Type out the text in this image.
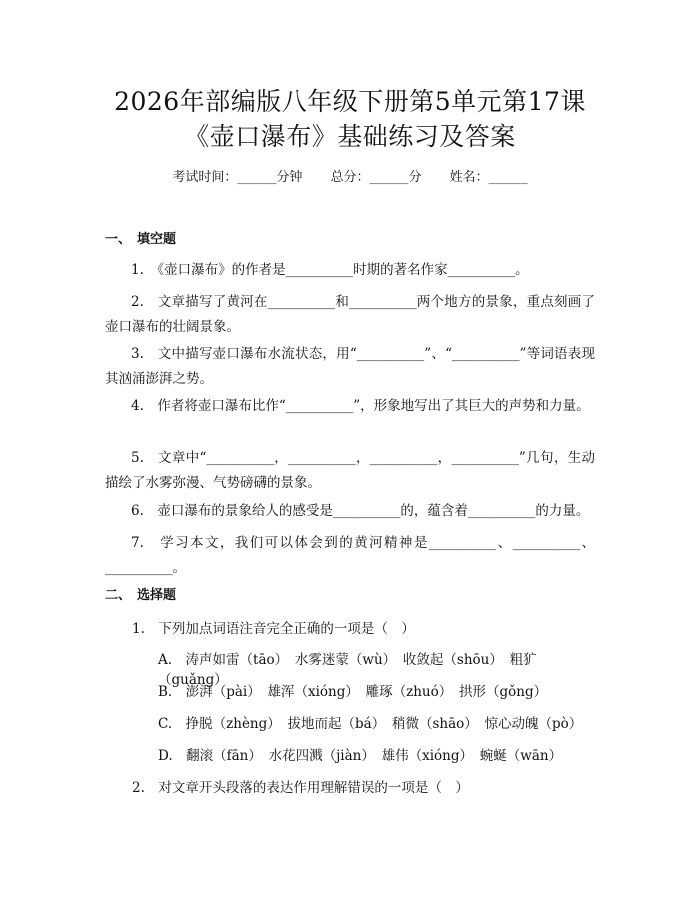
2026年部编版八年级下册第5单元第17课
《壶口瀑布》基础练习及答案
考试时间：______分钟 总分：______分 姓名：______
一、 填空题
1.　《壶口瀑布》的作者是__________时期的著名作家__________。
2.　文章描写了黄河在__________和__________两个地方的景象，重点刻画了壶口瀑布的壮阔景象。
3.　文中描写壶口瀑布水流状态，用“__________”、“__________”等词语表现其汹涌澎湃之势。
4.　作者将壶口瀑布比作“__________”，形象地写出了其巨大的声势和力量。
5.　文章中“__________，__________，__________，__________”几句，生动描绘了水雾弥漫、气势磅礴的景象。
6.　壶口瀑布的景象给人的感受是__________的，蕴含着__________的力量。
7.　学习本文，我们可以体会到的黄河精神是__________、__________、__________。
二、 选择题
1.　下列加点词语注音完全正确的一项是（　）
A.　涛声如雷（tāo）　水雾迷蒙（wù）　收敛起（shōu）　粗犷（guǎng）
B.　澎湃（pài）　雄浑（xióng）　雕琢（zhuó）　拱形（gǒng）
C.　挣脱（zhèng）　拔地而起（bá）　稍微（shāo）　惊心动魄（pò）
D.　翻滚（fān）　水花四溅（jiàn）　雄伟（xióng）　蜿蜒（wān）
2.　对文章开头段落的表达作用理解错误的一项是（　）
